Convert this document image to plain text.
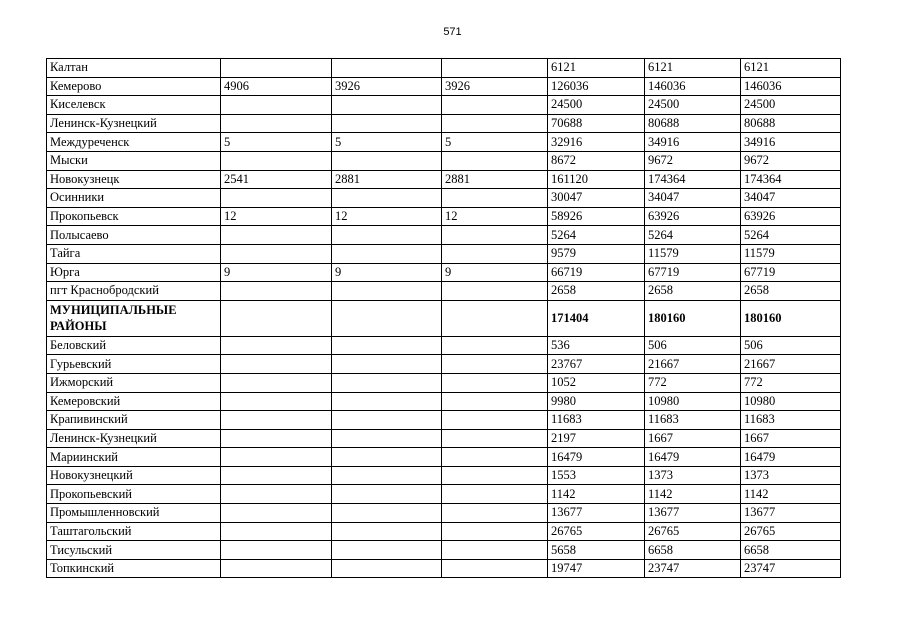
571
Калтан				6121	6121	6121
Кемерово	4906	3926	3926	126036	146036	146036
Киселевск				24500	24500	24500
Ленинск-Кузнецкий				70688	80688	80688
Междуреченск	5	5	5	32916	34916	34916
Мыски				8672	9672	9672
Новокузнецк	2541	2881	2881	161120	174364	174364
Осинники				30047	34047	34047
Прокопьевск	12	12	12	58926	63926	63926
Полысаево				5264	5264	5264
Тайга				9579	11579	11579
Юрга	9	9	9	66719	67719	67719
пгт Краснобродский				2658	2658	2658
МУНИЦИПАЛЬНЫЕ РАЙОНЫ				171404	180160	180160
Беловский				536	506	506
Гурьевский				23767	21667	21667
Ижморский				1052	772	772
Кемеровский				9980	10980	10980
Крапивинский				11683	11683	11683
Ленинск-Кузнецкий				2197	1667	1667
Мариинский				16479	16479	16479
Новокузнецкий				1553	1373	1373
Прокопьевский				1142	1142	1142
Промышленновский				13677	13677	13677
Таштагольский				26765	26765	26765
Тисульский				5658	6658	6658
Топкинский				19747	23747	23747
